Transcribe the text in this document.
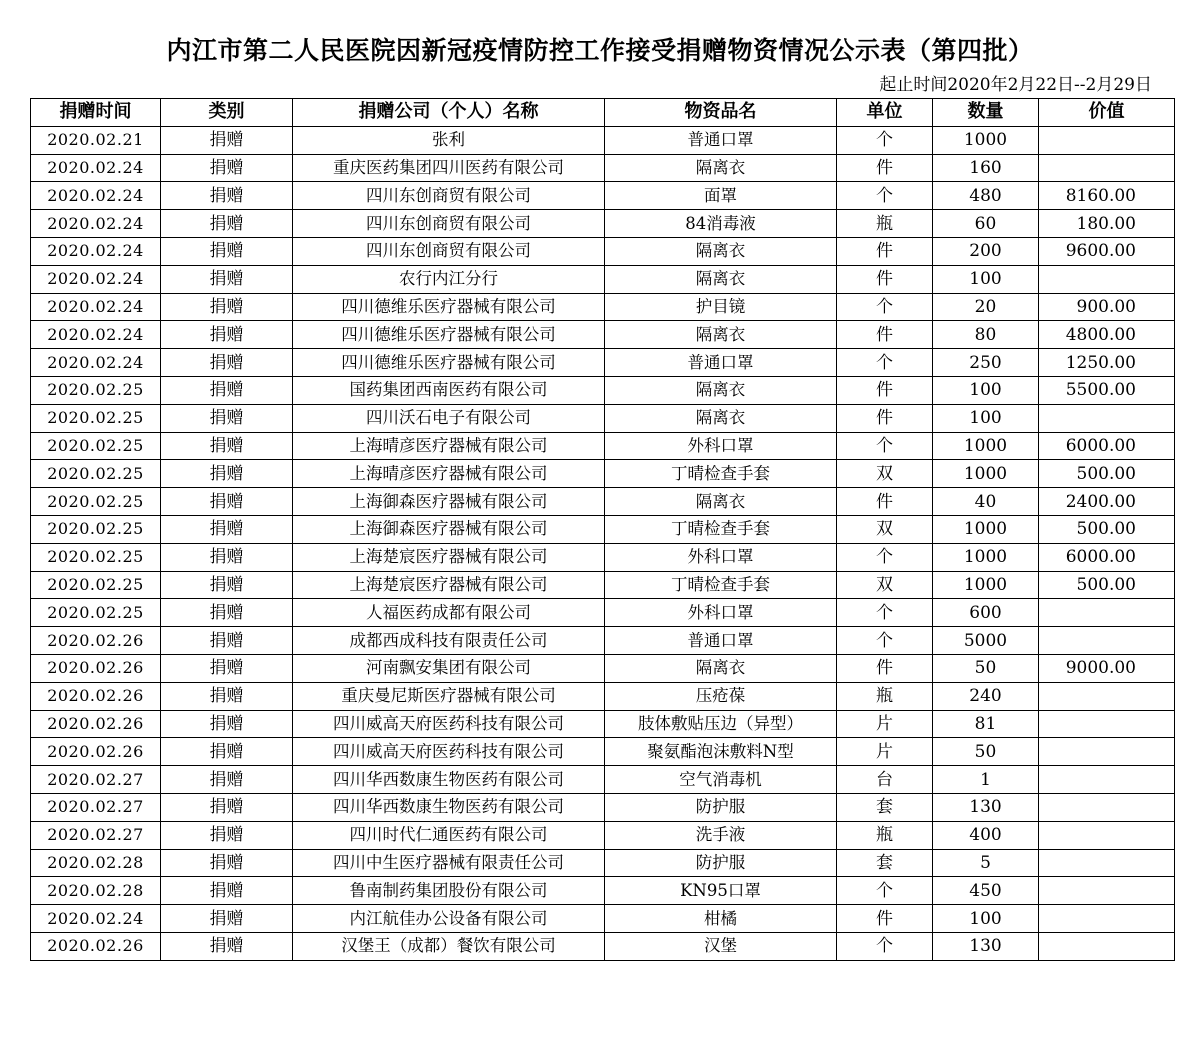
内江市第二人民医院因新冠疫情防控工作接受捐赠物资情况公示表（第四批）
起止时间2020年2月22日--2月29日
捐赠时间	类别	捐赠公司（个人）名称	物资品名	单位	数量	价值
2020.02.21	捐赠	张利	普通口罩	个	1000	
2020.02.24	捐赠	重庆医药集团四川医药有限公司	隔离衣	件	160	
2020.02.24	捐赠	四川东创商贸有限公司	面罩	个	480	8160.00
2020.02.24	捐赠	四川东创商贸有限公司	84消毒液	瓶	60	180.00
2020.02.24	捐赠	四川东创商贸有限公司	隔离衣	件	200	9600.00
2020.02.24	捐赠	农行内江分行	隔离衣	件	100	
2020.02.24	捐赠	四川德维乐医疗器械有限公司	护目镜	个	20	900.00
2020.02.24	捐赠	四川德维乐医疗器械有限公司	隔离衣	件	80	4800.00
2020.02.24	捐赠	四川德维乐医疗器械有限公司	普通口罩	个	250	1250.00
2020.02.25	捐赠	国药集团西南医药有限公司	隔离衣	件	100	5500.00
2020.02.25	捐赠	四川沃石电子有限公司	隔离衣	件	100	
2020.02.25	捐赠	上海晴彦医疗器械有限公司	外科口罩	个	1000	6000.00
2020.02.25	捐赠	上海晴彦医疗器械有限公司	丁晴检查手套	双	1000	500.00
2020.02.25	捐赠	上海御森医疗器械有限公司	隔离衣	件	40	2400.00
2020.02.25	捐赠	上海御森医疗器械有限公司	丁晴检查手套	双	1000	500.00
2020.02.25	捐赠	上海楚宸医疗器械有限公司	外科口罩	个	1000	6000.00
2020.02.25	捐赠	上海楚宸医疗器械有限公司	丁晴检查手套	双	1000	500.00
2020.02.25	捐赠	人福医药成都有限公司	外科口罩	个	600	
2020.02.26	捐赠	成都西成科技有限责任公司	普通口罩	个	5000	
2020.02.26	捐赠	河南飘安集团有限公司	隔离衣	件	50	9000.00
2020.02.26	捐赠	重庆曼尼斯医疗器械有限公司	压疮葆	瓶	240	
2020.02.26	捐赠	四川威高天府医药科技有限公司	肢体敷贴压边（异型）	片	81	
2020.02.26	捐赠	四川威高天府医药科技有限公司	聚氨酯泡沫敷料N型	片	50	
2020.02.27	捐赠	四川华西数康生物医药有限公司	空气消毒机	台	1	
2020.02.27	捐赠	四川华西数康生物医药有限公司	防护服	套	130	
2020.02.27	捐赠	四川时代仁通医药有限公司	洗手液	瓶	400	
2020.02.28	捐赠	四川中生医疗器械有限责任公司	防护服	套	5	
2020.02.28	捐赠	鲁南制药集团股份有限公司	KN95口罩	个	450	
2020.02.24	捐赠	内江航佳办公设备有限公司	柑橘	件	100	
2020.02.26	捐赠	汉堡王（成都）餐饮有限公司	汉堡	个	130	
